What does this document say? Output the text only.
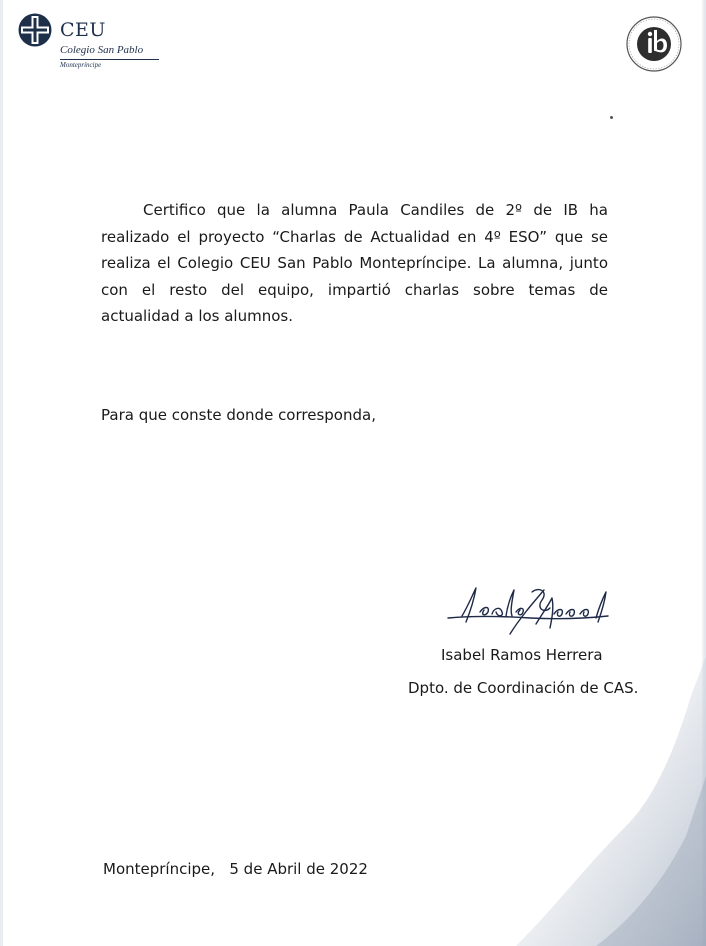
CEU
Colegio San Pablo
Montepríncipe

Certifico que la alumna Paula Candiles de 2º de IB ha realizado el proyecto “Charlas de Actualidad en 4º ESO” que se realiza el Colegio CEU San Pablo Montepríncipe. La alumna, junto con el resto del equipo, impartió charlas sobre temas de actualidad a los alumnos.

Para que conste donde corresponda,

Isabel Ramos Herrera
Dpto. de Coordinación de CAS.
Montepríncipe, 5 de Abril de 2022
